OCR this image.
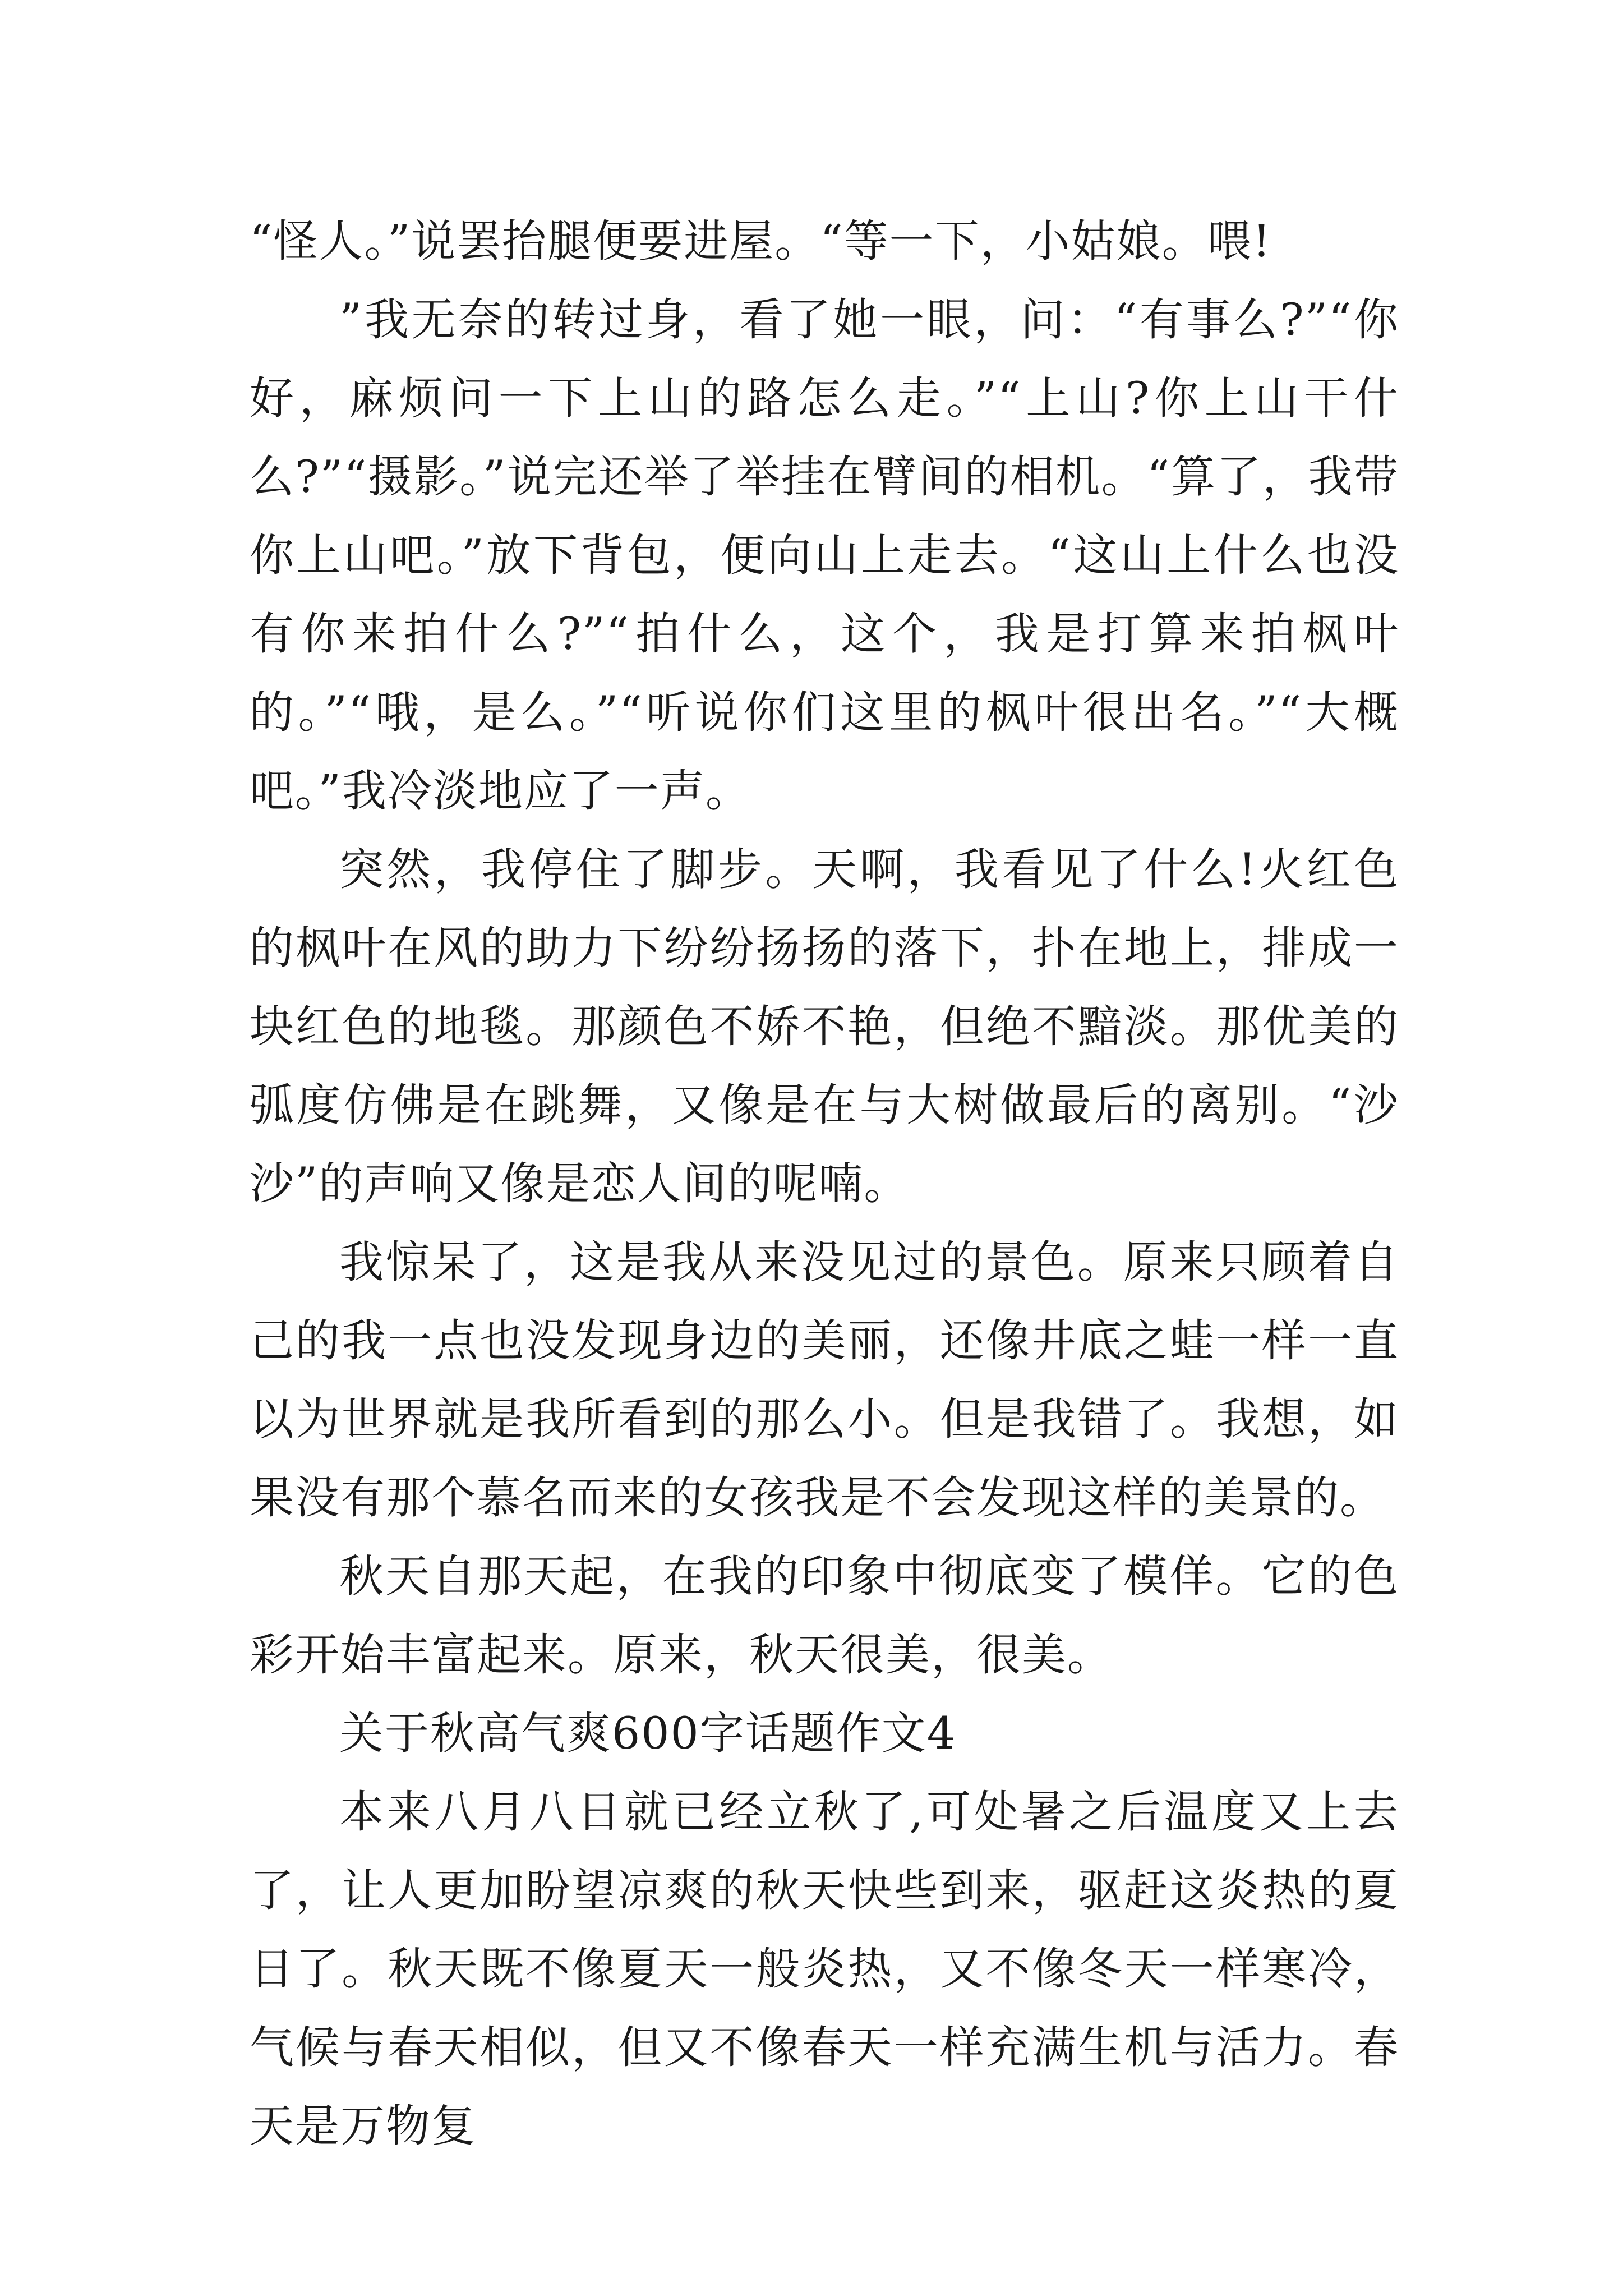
“怪人。”说罢抬腿便要进屋。“等一下，小姑娘。喂!

”我无奈的转过身，看了她一眼，问：“有事么?”“你好，麻烦问一下上山的路怎么走。”“上山?你上山干什么?”“摄影。”说完还举了举挂在臂间的相机。“算了，我带你上山吧。”放下背包，便向山上走去。“这山上什么也没有你来拍什么?”“拍什么，这个，我是打算来拍枫叶的。”“哦，是么。”“听说你们这里的枫叶很出名。”“大概吧。”我冷淡地应了一声。

突然，我停住了脚步。天啊，我看见了什么!火红色的枫叶在风的助力下纷纷扬扬的落下，扑在地上，排成一块红色的地毯。那颜色不娇不艳，但绝不黯淡。那优美的弧度仿佛是在跳舞，又像是在与大树做最后的离别。“沙沙”的声响又像是恋人间的呢喃。

我惊呆了，这是我从来没见过的景色。原来只顾着自己的我一点也没发现身边的美丽，还像井底之蛙一样一直以为世界就是我所看到的那么小。但是我错了。我想，如果没有那个慕名而来的女孩我是不会发现这样的美景的。

秋天自那天起，在我的印象中彻底变了模佯。它的色彩开始丰富起来。原来，秋天很美，很美。

关于秋高气爽600字话题作文4

本来八月八日就已经立秋了,可处暑之后温度又上去了，让人更加盼望凉爽的秋天快些到来，驱赶这炎热的夏日了。秋天既不像夏天一般炎热，又不像冬天一样寒冷，气候与春天相似，但又不像春天一样充满生机与活力。春天是万物复
